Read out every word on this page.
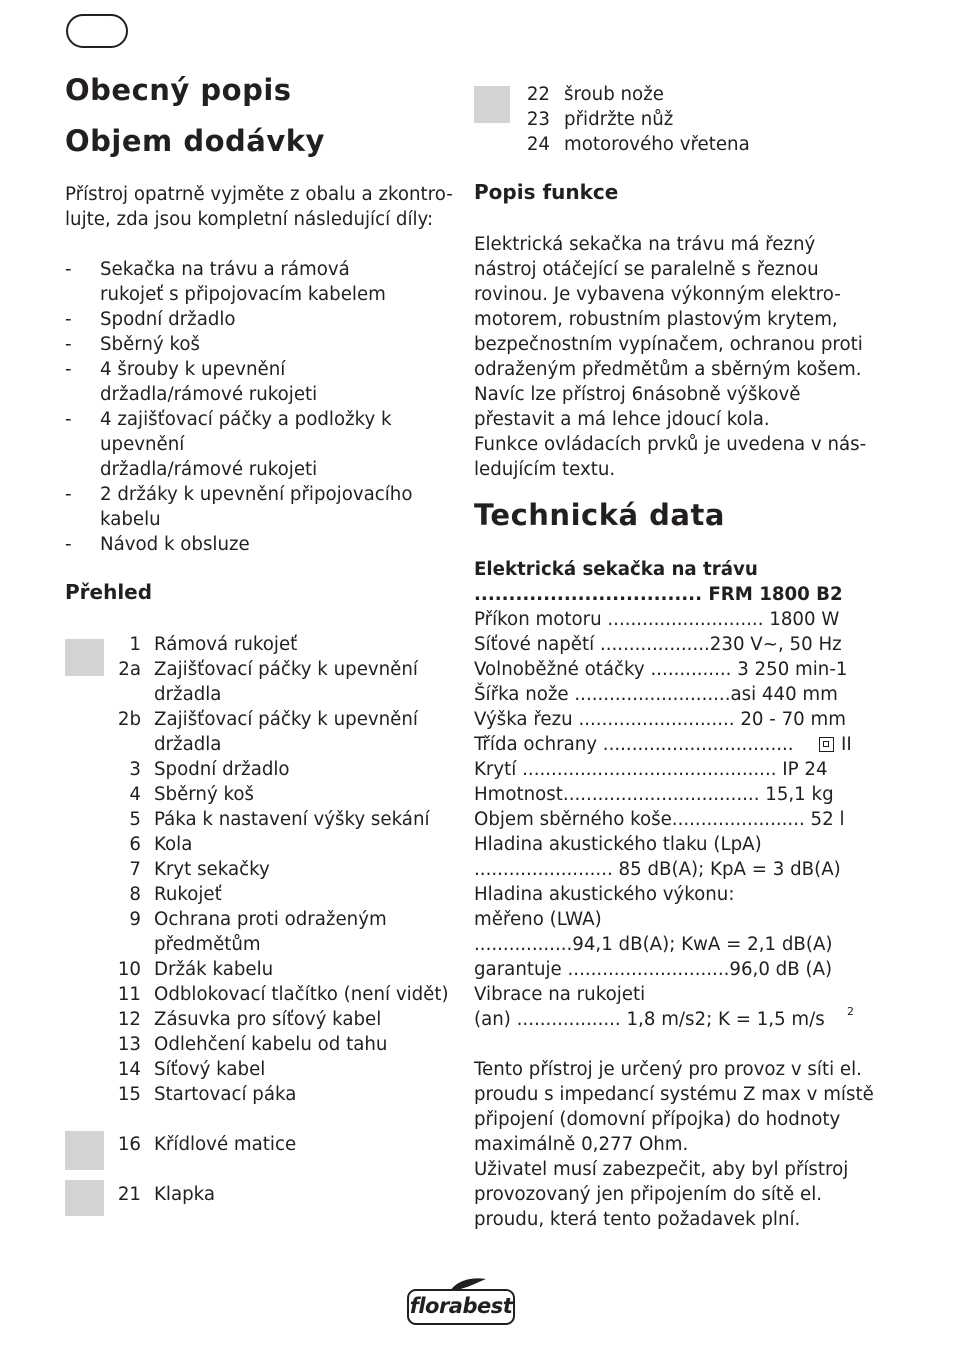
Obecný popis
Objem dodávky
Přístroj opatrně vyjměte z obalu a zkontro-
lujte, zda jsou kompletní následující díly:
- Sekačka na trávu a rámová
rukojeť s připojovacím kabelem
- Spodní držadlo
- Sběrný koš
- 4 šrouby k upevnění
držadla/rámové rukojeti
- 4 zajišťovací páčky a podložky k
upevnění
držadla/rámové rukojeti
- 2 držáky k upevnění připojovacího
kabelu
- Návod k obsluze
Přehled
1 Rámová rukojeť
2a Zajišťovací páčky k upevnění
držadla
2b Zajišťovací páčky k upevnění
držadla
3 Spodní držadlo
4 Sběrný koš
5 Páka k nastavení výšky sekání
6 Kola
7 Kryt sekačky
8 Rukojeť
9 Ochrana proti odraženým
předmětům
10 Držák kabelu
11 Odblokovací tlačítko (není vidět)
12 Zásuvka pro síťový kabel
13 Odlehčení kabelu od tahu
14 Síťový kabel
15 Startovací páka
16 Křídlové matice
21 Klapka
22 šroub nože
23 přidržte nůž
24 motorového vřetena
Popis funkce
Elektrická sekačka na trávu má řezný
nástroj otáčející se paralelně s řeznou
rovinou. Je vybavena výkonným elektro-
motorem, robustním plastovým krytem,
bezpečnostním vypínačem, ochranou proti
odraženým předmětům a sběrným košem.
Navíc lze přístroj 6násobně výškově
přestavit a má lehce jdoucí kola.
Funkce ovládacích prvků je uvedena v nás-
ledujícím textu.
Technická data
Elektrická sekačka na trávu
................................. FRM 1800 B2
Příkon motoru ........................... 1800 W
Síťové napětí ...................230 V~, 50 Hz
Volnoběžné otáčky .............. 3 250 min-1
Šířka nože ...........................asi 440 mm
Výška řezu ........................... 20 - 70 mm
Třída ochrany .................................	II
Krytí ............................................ IP 24
Hmotnost.................................. 15,1 kg
Objem sběrného koše....................... 52 l
Hladina akustického tlaku (LpA)
........................ 85 dB(A); KpA = 3 dB(A)
Hladina akustického výkonu:
měřeno (LWA)
.................94,1 dB(A); KwA = 2,1 dB(A)
garantuje ............................96,0 dB (A)
Vibrace na rukojeti
(an) .................. 1,8 m/s2; K = 1,5 m/s 2
Tento přístroj je určený pro provoz v síti el.
proudu s impedancí systému Z max v místě
připojení (domovní přípojka) do hodnoty
maximálně 0,277 Ohm.
Uživatel musí zabezpečit, aby byl přístroj
provozovaný jen připojením do sítě el.
proudu, která tento požadavek plní.
florabest
